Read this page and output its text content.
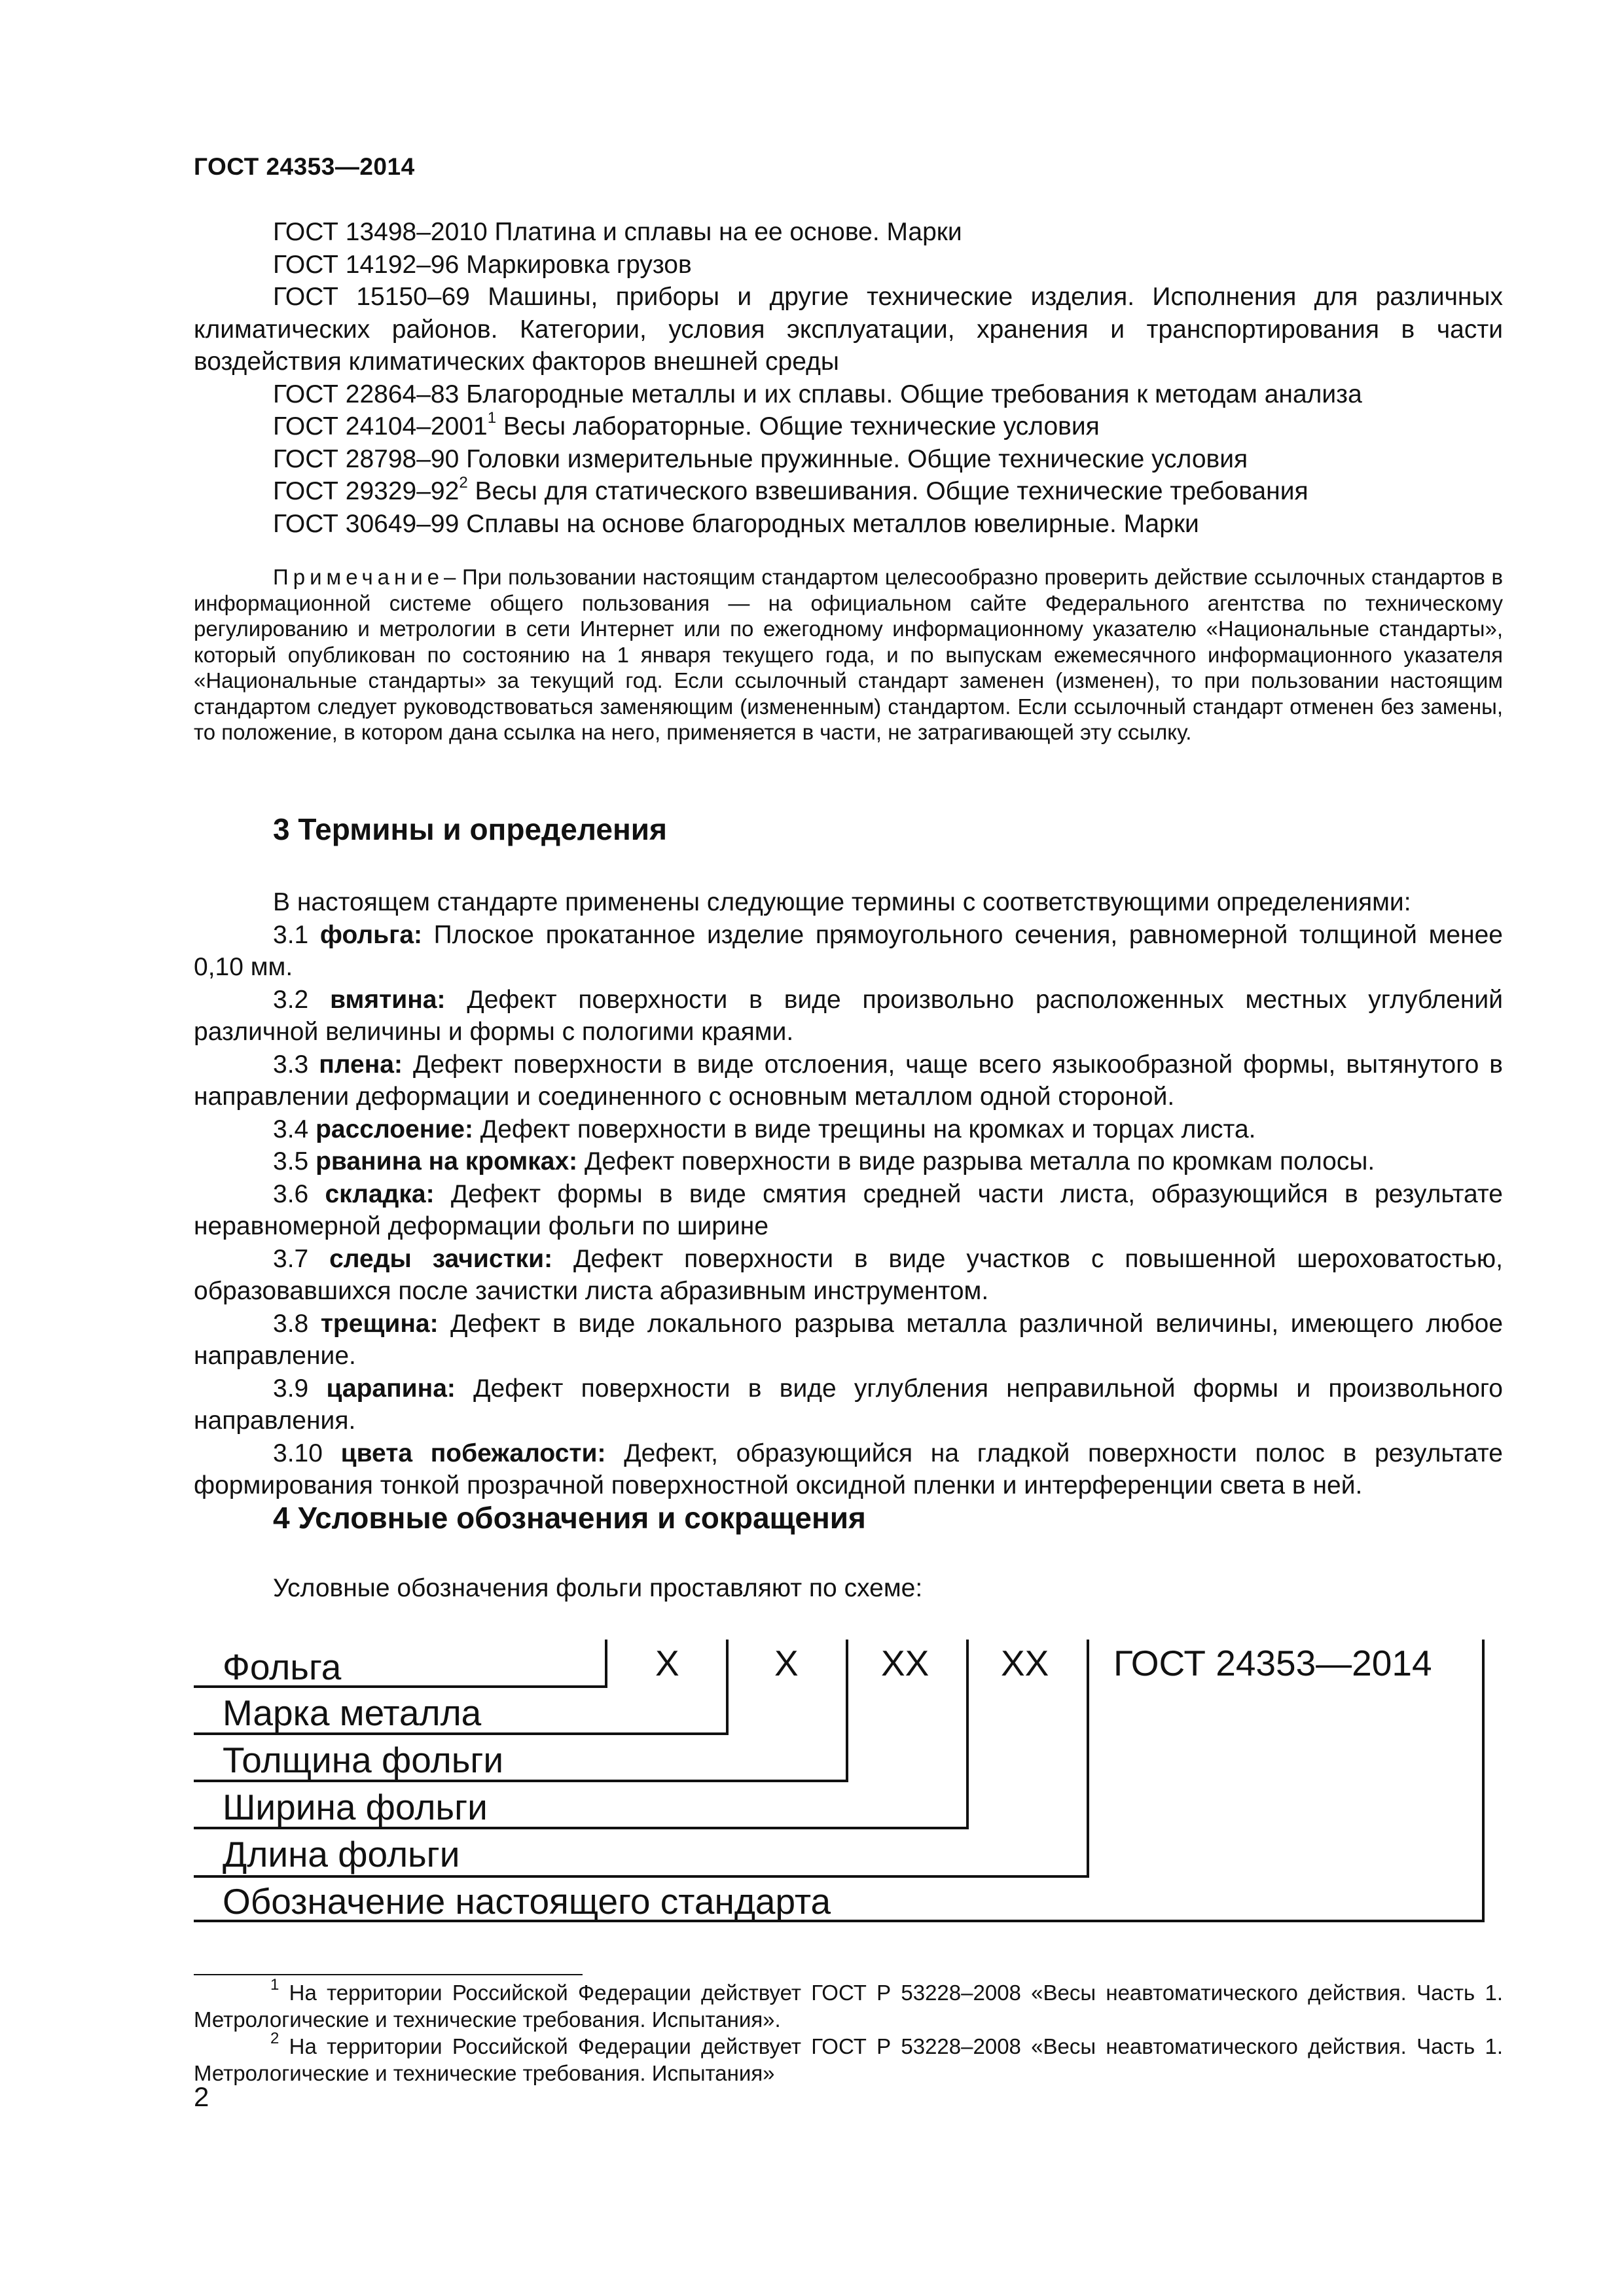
ГОСТ 24353—2014

ГОСТ 13498–2010 Платина и сплавы на ее основе. Марки

ГОСТ 14192–96 Маркировка грузов

ГОСТ 15150–69 Машины, приборы и другие технические изделия. Исполнения для различных климатических районов. Категории, условия эксплуатации, хранения и транспортирования в части воздействия климатических факторов внешней среды

ГОСТ 22864–83 Благородные металлы и их сплавы. Общие требования к методам анализа

ГОСТ 24104–2001$^1$ Весы лабораторные. Общие технические условия

ГОСТ 28798–90 Головки измерительные пружинные. Общие технические условия

ГОСТ $29329-92^2$ Весы для статического взвешивания. Общие технические требования

ГОСТ 30649–99 Сплавы на основе благородных металлов ювелирные. Марки

Примечание– При пользовании настоящим стандартом целесообразно проверить действие ссылочных стандартов в информационной системе общего пользования — на официальном сайте Федерального агентства по техническому регулированию и метрологии в сети Интернет или по ежегодному информационному указателю «Национальные стандарты», который опубликован по состоянию на 1 января текущего года, и по выпускам ежемесячного информационного указателя «Национальные стандарты» за текущий год. Если ссылочный стандарт заменен (изменен), то при пользовании настоящим стандартом следует руководствоваться заменяющим (измененным) стандартом. Если ссылочный стандарт отменен без замены, то положение, в котором дана ссылка на него, применяется в части, не затрагивающей эту ссылку.
3 Термины и определения

В настоящем стандарте применены следующие термины с соответствующими определениями:

3.1 фольга: Плоское прокатанное изделие прямоугольного сечения, равномерной толщиной менее 0,10 мм.

3.2 вмятина: Дефект поверхности в виде произвольно расположенных местных углублений различной величины и формы с пологими краями.

3.3 плена: Дефект поверхности в виде отслоения, чаще всего языкообразной формы, вытянутого в направлении деформации и соединенного с основным металлом одной стороной.

3.4 расслоение: Дефект поверхности в виде трещины на кромках и торцах листа.

3.5 рванина на кромках: Дефект поверхности в виде разрыва металла по кромкам полосы.

3.6 складка: Дефект формы в виде смятия средней части листа, образующийся в результате неравномерной деформации фольги по ширине

3.7 следы зачистки: Дефект поверхности в виде участков с повышенной шероховатостью, образовавшихся после зачистки листа абразивным инструментом.

3.8 трещина: Дефект в виде локального разрыва металла различной величины, имеющего любое направление.

3.9 царапина: Дефект поверхности в виде углубления неправильной формы и произвольного направления.

3.10 цвета побежалости: Дефект, образующийся на гладкой поверхности полос в результате формирования тонкой прозрачной поверхностной оксидной пленки и интерференции света в ней.

4 Условные обозначения и сокращения

Условные обозначения фольги проставляют по схеме:

Фольга	Х	Х ХХ ХХ ГОСТ 24353—2014
Марка металла
Толщина фольги
Ширина фольги
Длина фольги
Обозначение настоящего стандарта
$^1$ На территории Российской Федерации действует ГОСТ Р 53228–2008 «Весы неавтоматического действия. Часть 1. Метрологические и технические требования. Испытания».
$^2$ На территории Российской Федерации действует ГОСТ Р 53228–2008 «Весы неавтоматического действия. Часть 1. Метрологические и технические требования. Испытания»
2
